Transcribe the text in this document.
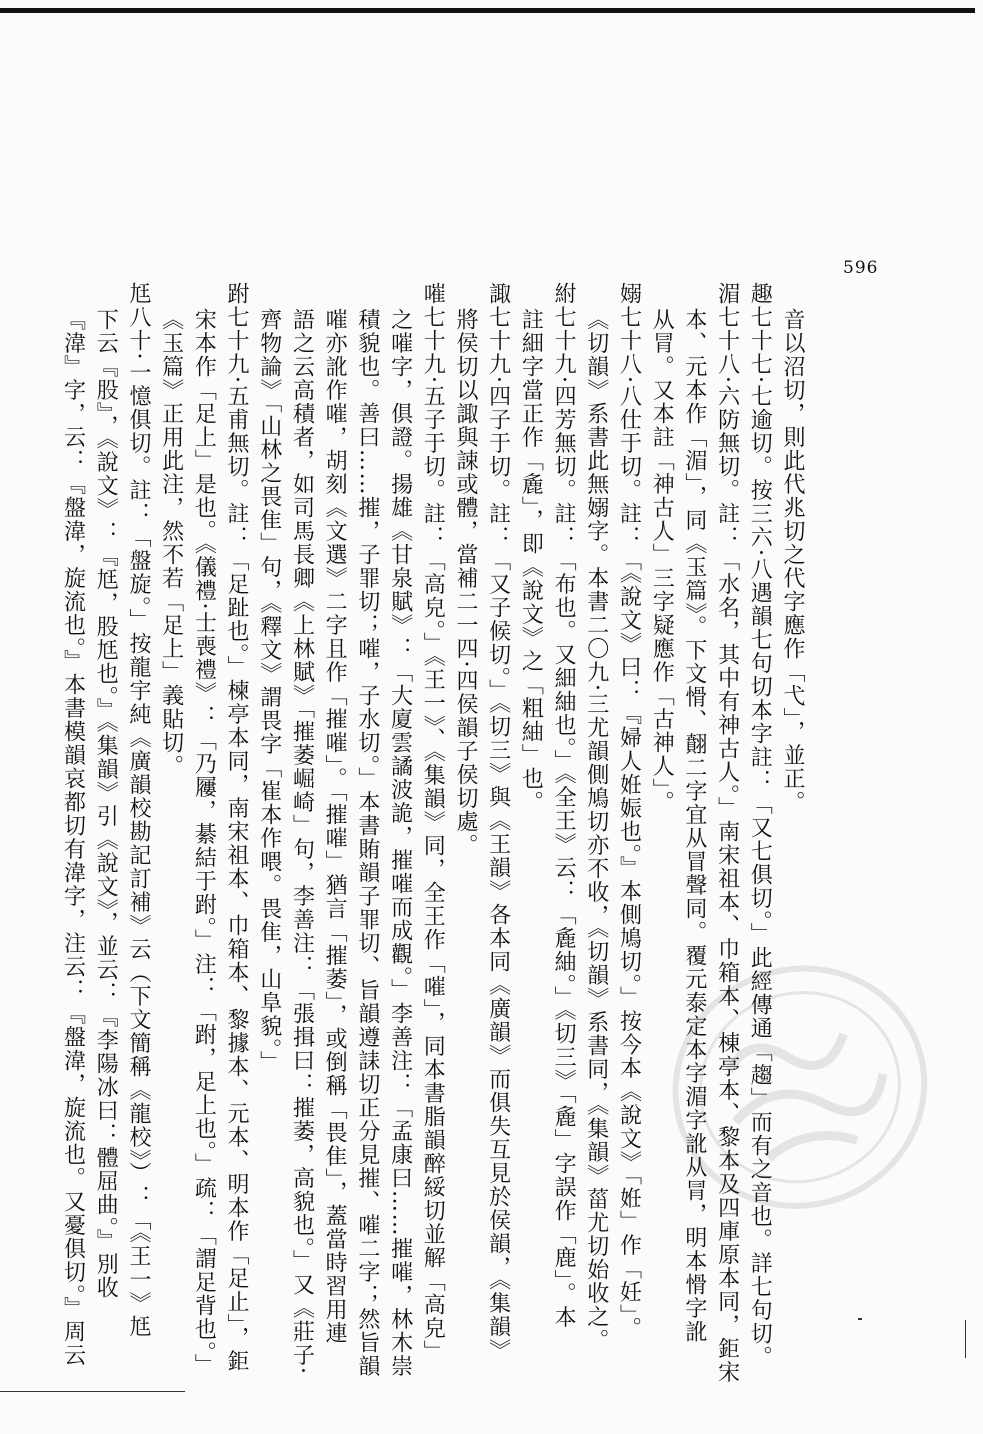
596
音以沼切，則此代兆切之代字應作「弋」，並正。
趣七十七·七逾切。按三六·八遇韻七句切本字註：「又七俱切。」此經傳通「趨」而有之音也。詳七句切。
湄七十八·六防無切。註：「水名，其中有神古人。」南宋祖本、巾箱本、棟亭本、黎本及四庫原本同，鉅宋
本、元本作「湄」，同《玉篇》。下文愲、翸二字宜从冒聲同。覆元泰定本字湄字訛从冐，明本愲字訛
从冐。又本註「神古人」三字疑應作「古神人」。
嫋七十八·八仕于切。註：「《說文》曰：『婦人姙娠也。』本側鳩切。」按今本《說文》「姙」作「妊」。
《切韻》系書此無嫋字。本書二〇九·三尤韻側鳩切亦不收，《切韻》系書同，《集韻》菑尤切始收之。
紨七十九·四芳無切。註：「布也。又細紬也。」《全王》云：「麁紬。」《切三》「麁」字誤作「鹿」。本
註細字當正作「麁」，即《說文》之「粗紬」也。
諏七十九·四子于切。註：「又子候切。」《切三》與《王韻》各本同《廣韻》而俱失互見於侯韻，《集韻》
將侯切以諏與誎或體，當補二一四·四侯韻子侯切處。
嗺七十九·五子于切。註：「高皃。」《王一》、《集韻》同，全王作「嗺」，同本書脂韻醉綏切並解「高皃」
之嗺字，俱證。揚雄《甘泉賦》：「大廈雲譎波詭，摧嗺而成觀。」李善注：「孟康曰……摧嗺，林木崇
積貌也。善曰……摧，子罪切；嗺，子水切。」本書賄韻子罪切、旨韻遵誄切正分見摧、嗺二字；然旨韻
嗺亦訛作嗺，胡刻《文選》二字且作「摧嗺」。「摧嗺」猶言「摧萎」，或倒稱「畏隹」，蓋當時習用連
語之云高積者，如司馬長卿《上林賦》「摧萎崛崎」句，李善注：「張揖曰：摧萎，高貌也。」又《莊子·
齊物論》「山林之畏隹」句，《釋文》謂畏字「崔本作喂。畏隹，山阜貌。」
跗七十九·五甫無切。註：「足趾也。」楝亭本同，南宋祖本、巾箱本、黎據本、元本、明本作「足止」，鉅
宋本作「足上」是也。《儀禮·士喪禮》：「乃屨，綦結于跗。」注：「跗，足上也。」疏：「謂足背也。」
《玉篇》正用此注，然不若「足上」義貼切。
尪八十·一憶俱切。註：「盤旋。」按龍宇純《廣韻校勘記訂補》云（下文簡稱《龍校》）：「《王一》尪
下云『股』，《說文》：『尪，股尪也。』《集韻》引《說文》，並云：『李陽冰曰：體屈曲。』別收
『湋』字，云：『盤湋，旋流也。』本書模韻哀都切有湋字，注云：『盤湋，旋流也。又憂俱切。』周云
